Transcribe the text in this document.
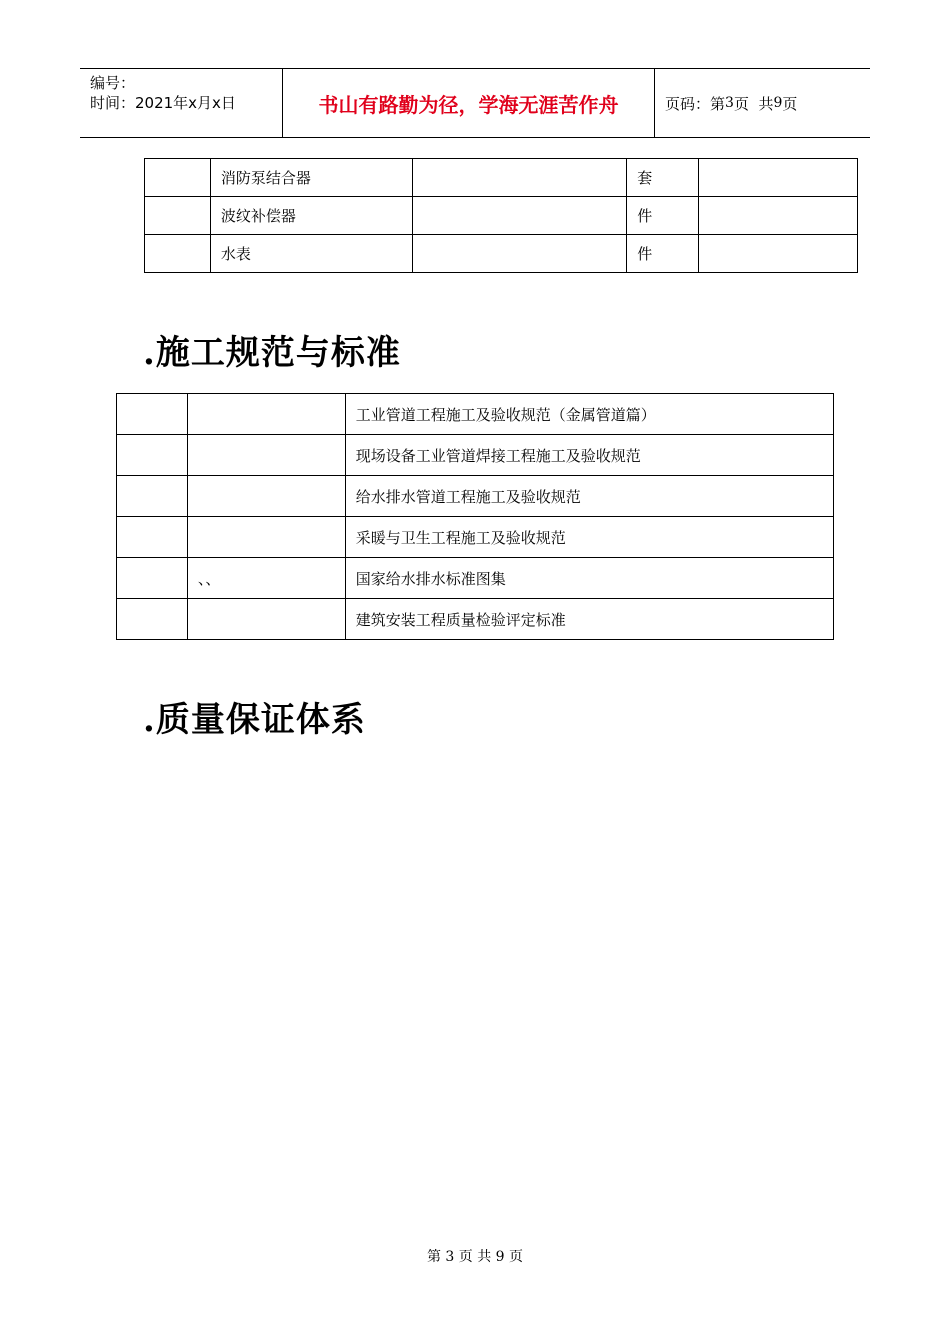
编号：
时间：2021年x月x日	书山有路勤为径，学海无涯苦作舟	页码：第 3 页  共 9 页
	消防泵结合器		套	
	波纹补偿器		件	
	水表		件	
.施工规范与标准
		工业管道工程施工及验收规范（金属管道篇）
		现场设备工业管道焊接工程施工及验收规范
		给水排水管道工程施工及验收规范
		采暖与卫生工程施工及验收规范
	、、	国家给水排水标准图集
		建筑安装工程质量检验评定标准
.质量保证体系
第 3 页 共 9 页
